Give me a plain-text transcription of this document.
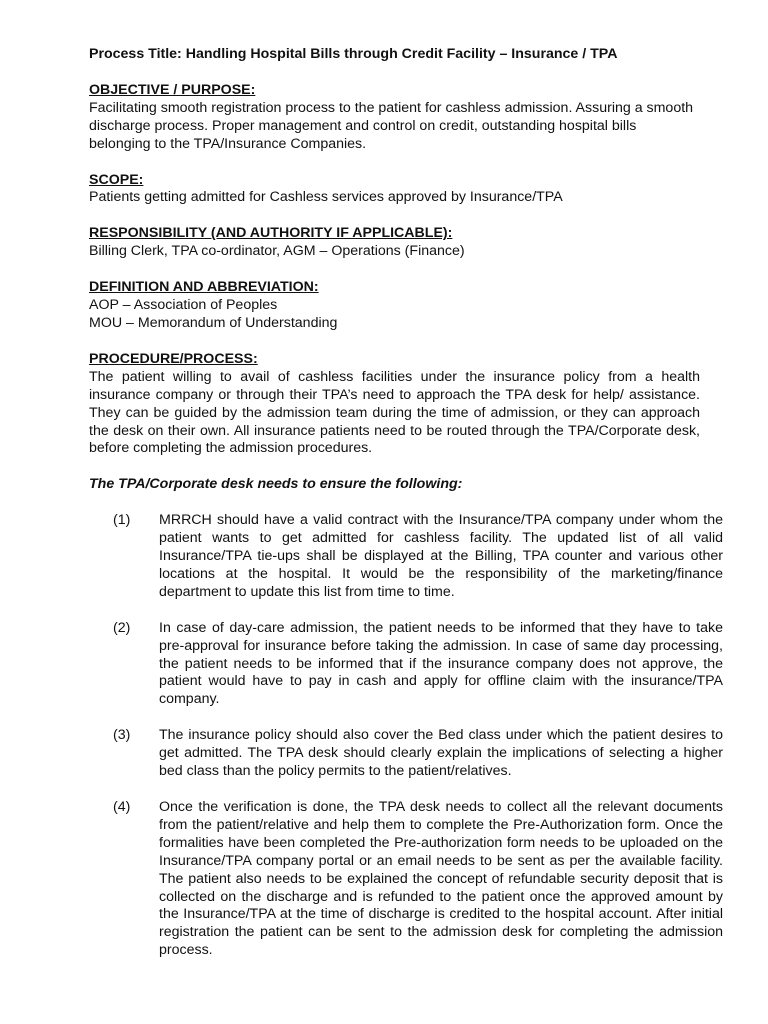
Process Title: Handling Hospital Bills through Credit Facility – Insurance / TPA
OBJECTIVE / PURPOSE:
Facilitating smooth registration process to the patient for cashless admission. Assuring a smooth discharge process. Proper management and control on credit, outstanding hospital bills belonging to the TPA/Insurance Companies.
SCOPE:
Patients getting admitted for Cashless services approved by Insurance/TPA
RESPONSIBILITY (AND AUTHORITY IF APPLICABLE):
Billing Clerk, TPA co-ordinator, AGM – Operations (Finance)
DEFINITION AND ABBREVIATION:
AOP – Association of Peoples
MOU – Memorandum of Understanding
PROCEDURE/PROCESS:
The patient willing to avail of cashless facilities under the insurance policy from a health insurance company or through their TPA’s need to approach the TPA desk for help/ assistance. They can be guided by the admission team during the time of admission, or they can approach the desk on their own. All insurance patients need to be routed through the TPA/Corporate desk, before completing the admission procedures.
The TPA/Corporate desk needs to ensure the following:
(1) MRRCH should have a valid contract with the Insurance/TPA company under whom the patient wants to get admitted for cashless facility. The updated list of all valid Insurance/TPA tie-ups shall be displayed at the Billing, TPA counter and various other locations at the hospital. It would be the responsibility of the marketing/finance department to update this list from time to time.
(2) In case of day-care admission, the patient needs to be informed that they have to take pre-approval for insurance before taking the admission. In case of same day processing, the patient needs to be informed that if the insurance company does not approve, the patient would have to pay in cash and apply for offline claim with the insurance/TPA company.
(3) The insurance policy should also cover the Bed class under which the patient desires to get admitted. The TPA desk should clearly explain the implications of selecting a higher bed class than the policy permits to the patient/relatives.
(4) Once the verification is done, the TPA desk needs to collect all the relevant documents from the patient/relative and help them to complete the Pre-Authorization form. Once the formalities have been completed the Pre-authorization form needs to be uploaded on the Insurance/TPA company portal or an email needs to be sent as per the available facility. The patient also needs to be explained the concept of refundable security deposit that is collected on the discharge and is refunded to the patient once the approved amount by the Insurance/TPA at the time of discharge is credited to the hospital account. After initial registration the patient can be sent to the admission desk for completing the admission process.
